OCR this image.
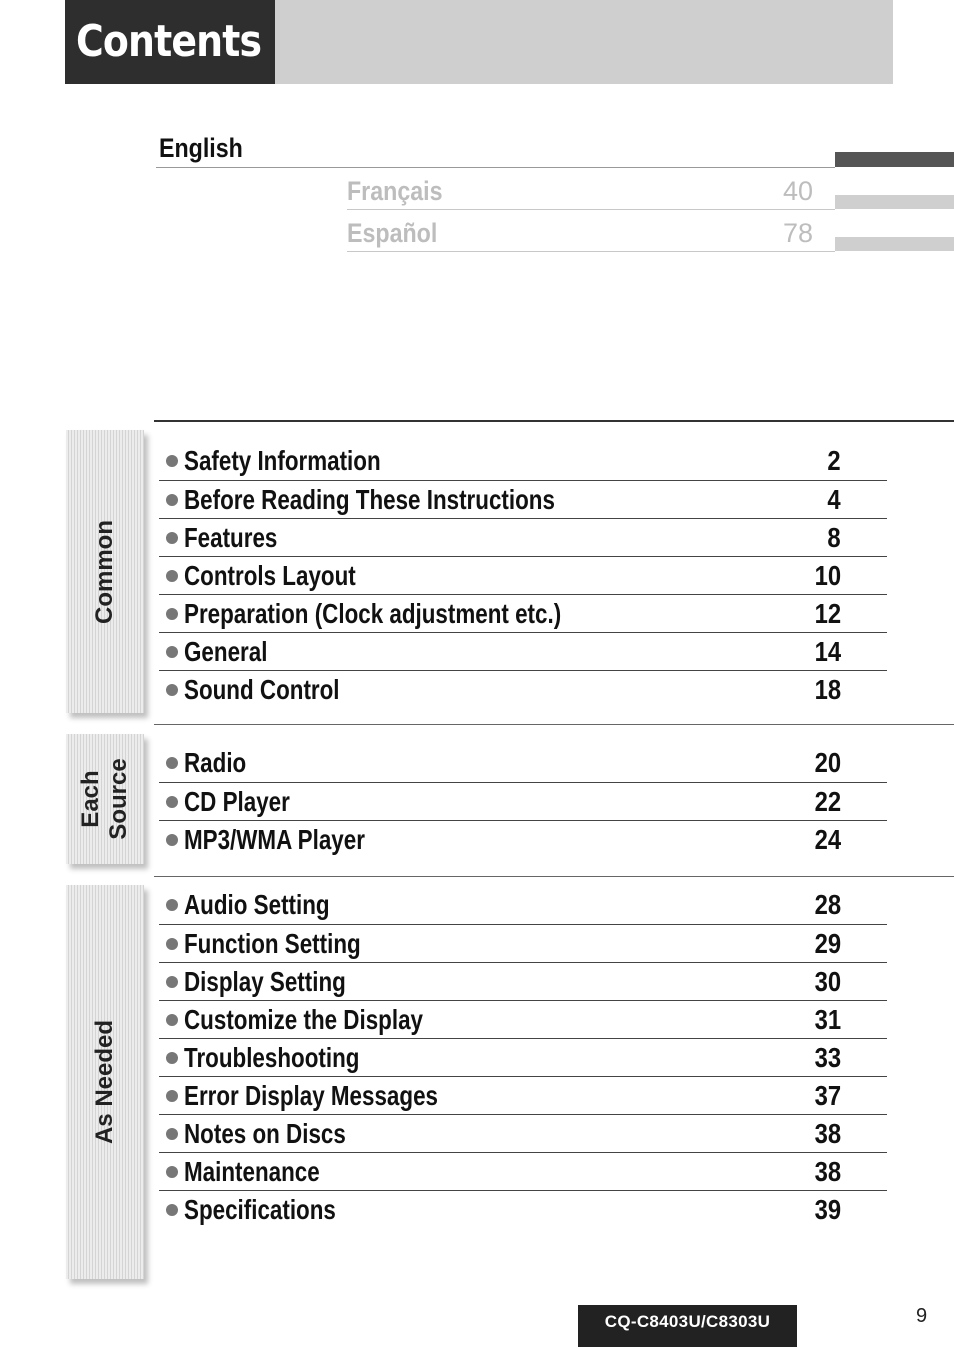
Contents
English
Français	40
Español	78
Common
Each Source
As Needed
Safety Information	2
Before Reading These Instructions	4
Features	8
Controls Layout	10
Preparation (Clock adjustment etc.)	12
General	14
Sound Control	18
Radio	20
CD Player	22
MP3/WMA Player	24
Audio Setting	28
Function Setting	29
Display Setting	30
Customize the Display	31
Troubleshooting	33
Error Display Messages	37
Notes on Discs	38
Maintenance	38
Specifications	39
CQ-C8403U/C8303U	9
